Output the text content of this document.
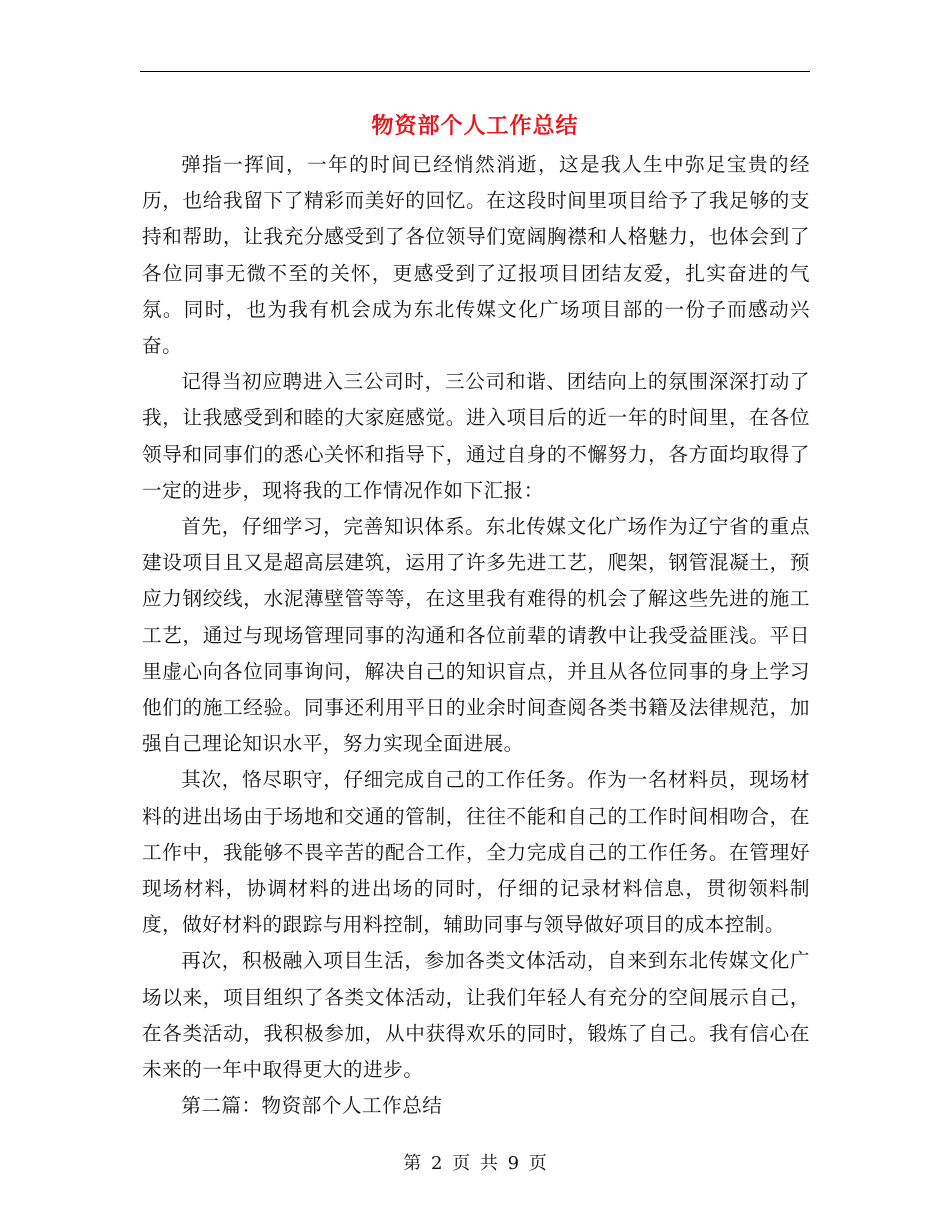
物资部个人工作总结

弹指一挥间，一年的时间已经悄然消逝，这是我人生中弥足宝贵的经历，也给我留下了精彩而美好的回忆。在这段时间里项目给予了我足够的支持和帮助，让我充分感受到了各位领导们宽阔胸襟和人格魅力，也体会到了各位同事无微不至的关怀，更感受到了辽报项目团结友爱，扎实奋进的气氛。同时，也为我有机会成为东北传媒文化广场项目部的一份子而感动兴奋。

记得当初应聘进入三公司时，三公司和谐、团结向上的氛围深深打动了我，让我感受到和睦的大家庭感觉。进入项目后的近一年的时间里，在各位领导和同事们的悉心关怀和指导下，通过自身的不懈努力，各方面均取得了一定的进步，现将我的工作情况作如下汇报：

首先，仔细学习，完善知识体系。东北传媒文化广场作为辽宁省的重点建设项目且又是超高层建筑，运用了许多先进工艺，爬架，钢管混凝土，预应力钢绞线，水泥薄壁管等等，在这里我有难得的机会了解这些先进的施工工艺，通过与现场管理同事的沟通和各位前辈的请教中让我受益匪浅。平日里虚心向各位同事询问，解决自己的知识盲点，并且从各位同事的身上学习他们的施工经验。同事还利用平日的业余时间查阅各类书籍及法律规范，加强自己理论知识水平，努力实现全面进展。

其次，恪尽职守，仔细完成自己的工作任务。作为一名材料员，现场材料的进出场由于场地和交通的管制，往往不能和自己的工作时间相吻合，在工作中，我能够不畏辛苦的配合工作，全力完成自己的工作任务。在管理好现场材料，协调材料的进出场的同时，仔细的记录材料信息，贯彻领料制度，做好材料的跟踪与用料控制，辅助同事与领导做好项目的成本控制。

再次，积极融入项目生活，参加各类文体活动，自来到东北传媒文化广场以来，项目组织了各类文体活动，让我们年轻人有充分的空间展示自己，在各类活动，我积极参加，从中获得欢乐的同时，锻炼了自己。我有信心在未来的一年中取得更大的进步。

第二篇：物资部个人工作总结

第 2 页 共 9 页
